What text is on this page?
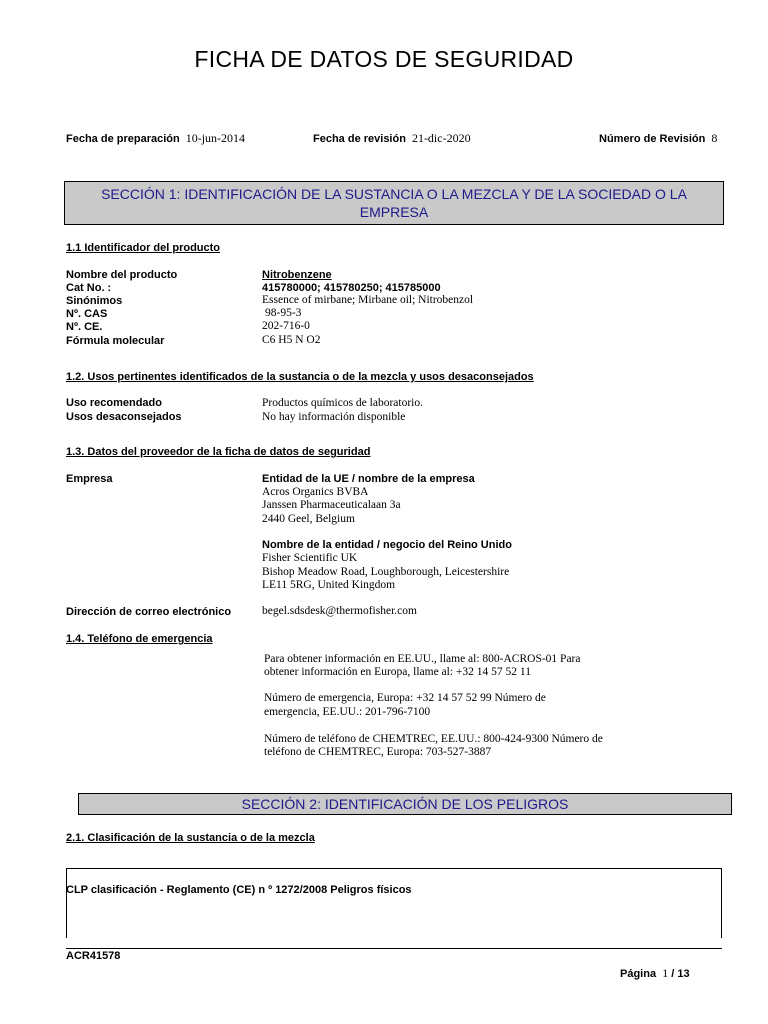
FICHA DE DATOS DE SEGURIDAD
Fecha de preparación 10-jun-2014	Fecha de revisión 21-dic-2020	Número de Revisión 8
SECCIÓN 1: IDENTIFICACIÓN DE LA SUSTANCIA O LA MEZCLA Y DE LA SOCIEDAD O LA
EMPRESA
1.1 Identificador del producto
Nombre del producto	Nitrobenzene
Cat No. :	415780000; 415780250; 415785000
Sinónimos	Essence of mirbane; Mirbane oil; Nitrobenzol
Nº. CAS	98-95-3
Nº. CE.	202-716-0
Fórmula molecular	C6 H5 N O2
1.2. Usos pertinentes identificados de la sustancia o de la mezcla y usos desaconsejados
Uso recomendado	Productos químicos de laboratorio.
Usos desaconsejados	No hay información disponible
1.3. Datos del proveedor de la ficha de datos de seguridad
Empresa	Entidad de la UE / nombre de la empresa
Acros Organics BVBA
Janssen Pharmaceuticalaan 3a
2440 Geel, Belgium
Nombre de la entidad / negocio del Reino Unido
Fisher Scientific UK
Bishop Meadow Road, Loughborough, Leicestershire
LE11 5RG, United Kingdom
Dirección de correo electrónico	begel.sdsdesk@thermofisher.com
1.4. Teléfono de emergencia
Para obtener información en EE.UU., llame al: 800-ACROS-01 Para
obtener información en Europa, llame al: +32 14 57 52 11
Número de emergencia, Europa: +32 14 57 52 99 Número de
emergencia, EE.UU.: 201-796-7100
Número de teléfono de CHEMTREC, EE.UU.: 800-424-9300 Número de
teléfono de CHEMTREC, Europa: 703-527-3887
SECCIÓN 2: IDENTIFICACIÓN DE LOS PELIGROS
2.1. Clasificación de la sustancia o de la mezcla
CLP clasificación - Reglamento (CE) n º 1272/2008 Peligros físicos
ACR41578
Página 1 / 13
